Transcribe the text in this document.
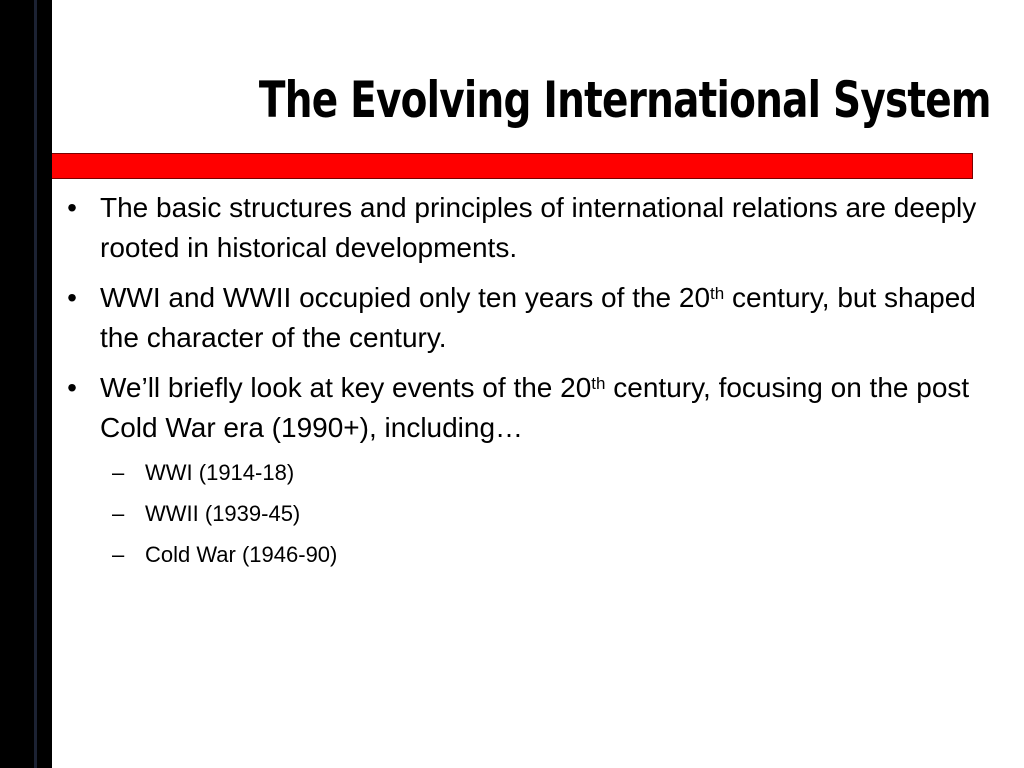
The Evolving International System
• The basic structures and principles of international relations are deeply rooted in historical developments.
• WWI and WWII occupied only ten years of the 20th century, but shaped the character of the century.
• We’ll briefly look at key events of the 20th century, focusing on the post Cold War era (1990+), including…
– WWI (1914-18)
– WWII (1939-45)
– Cold War (1946-90)
